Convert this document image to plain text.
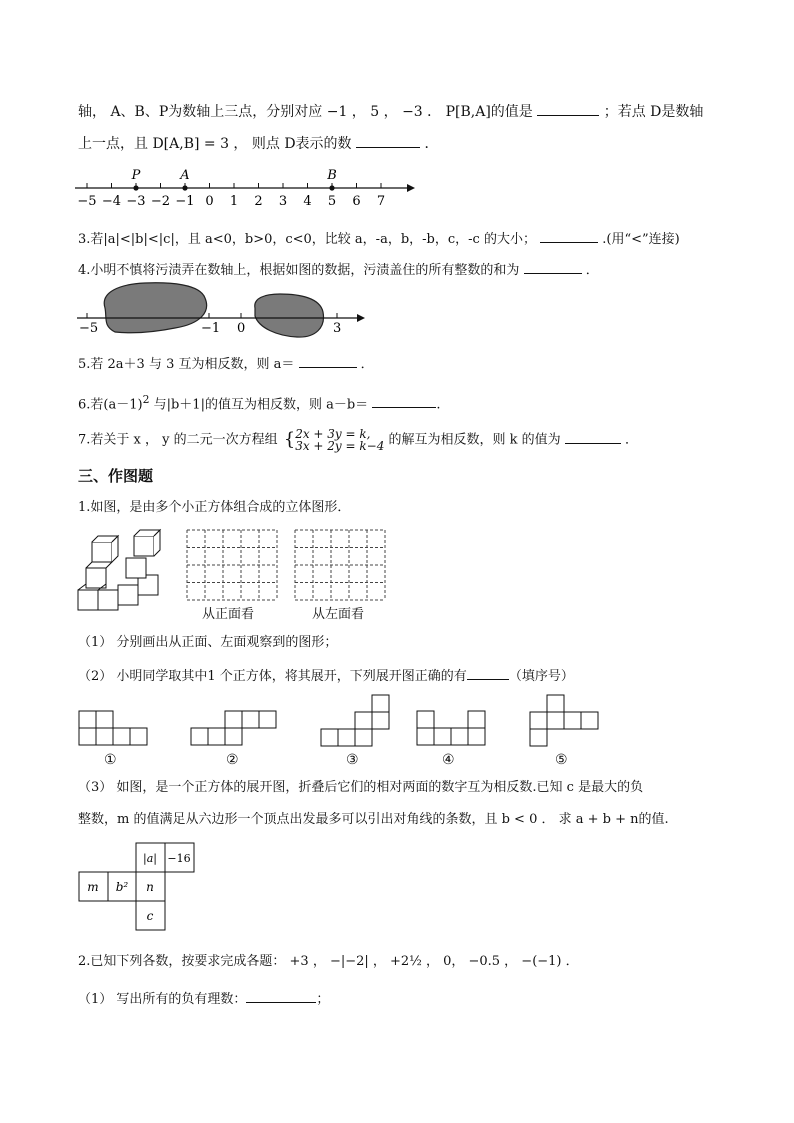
轴， A、B、P为数轴上三点，分别对应 −1 ， 5 ， −3 ． P[B,A]的值是	；若点 D是数轴
上一点，且 D[A,B] = 3 ， 则点 D表示的数	．
−5 −4 −3 −2 −1 0 1 2 3 4 5 6 7
P	A	B
3.若|a|<|b|<|c|，且 a<0，b>0，c<0，比较 a，-a，b，-b，c，-c 的大小；	.(用“<”连接)
4.小明不慎将污渍弄在数轴上，根据如图的数据，污渍盖住的所有整数的和为	．
−5	−1 0	3
5.若 2a＋3 与 3 互为相反数，则 a＝	．
6.若$(a-1)^2$ 与|b＋1|的值互为相反数，则 a－b＝	.
7.若关于 x ， y 的二元一次方程组 {2x + 3y = k,
3x + 2y = k−4 的解互为相反数，则 k 的值为	．
三、作图题
1.如图，是由多个小正方体组合成的立体图形．
从正面看	从左面看
（1） 分别画出从正面、左面观察到的图形；
（2） 小明同学取其中1 个正方体，将其展开，下列展开图正确的有	（填序号）
①	②	③	④	⑤
（3） 如图，是一个正方体的展开图，折叠后它们的相对两面的数字互为相反数.已知 c 是最大的负
整数，m 的值满足从六边形一个顶点出发最多可以引出对角线的条数，且 b < 0 ． 求 a + b + n的值.
|a| −16
m b² n
c
2.已知下列各数，按要求完成各题： +3 ， −|−2| ， +2½ ， 0， −0.5 ， −(−1) ．
（1） 写出所有的负有理数：	；
